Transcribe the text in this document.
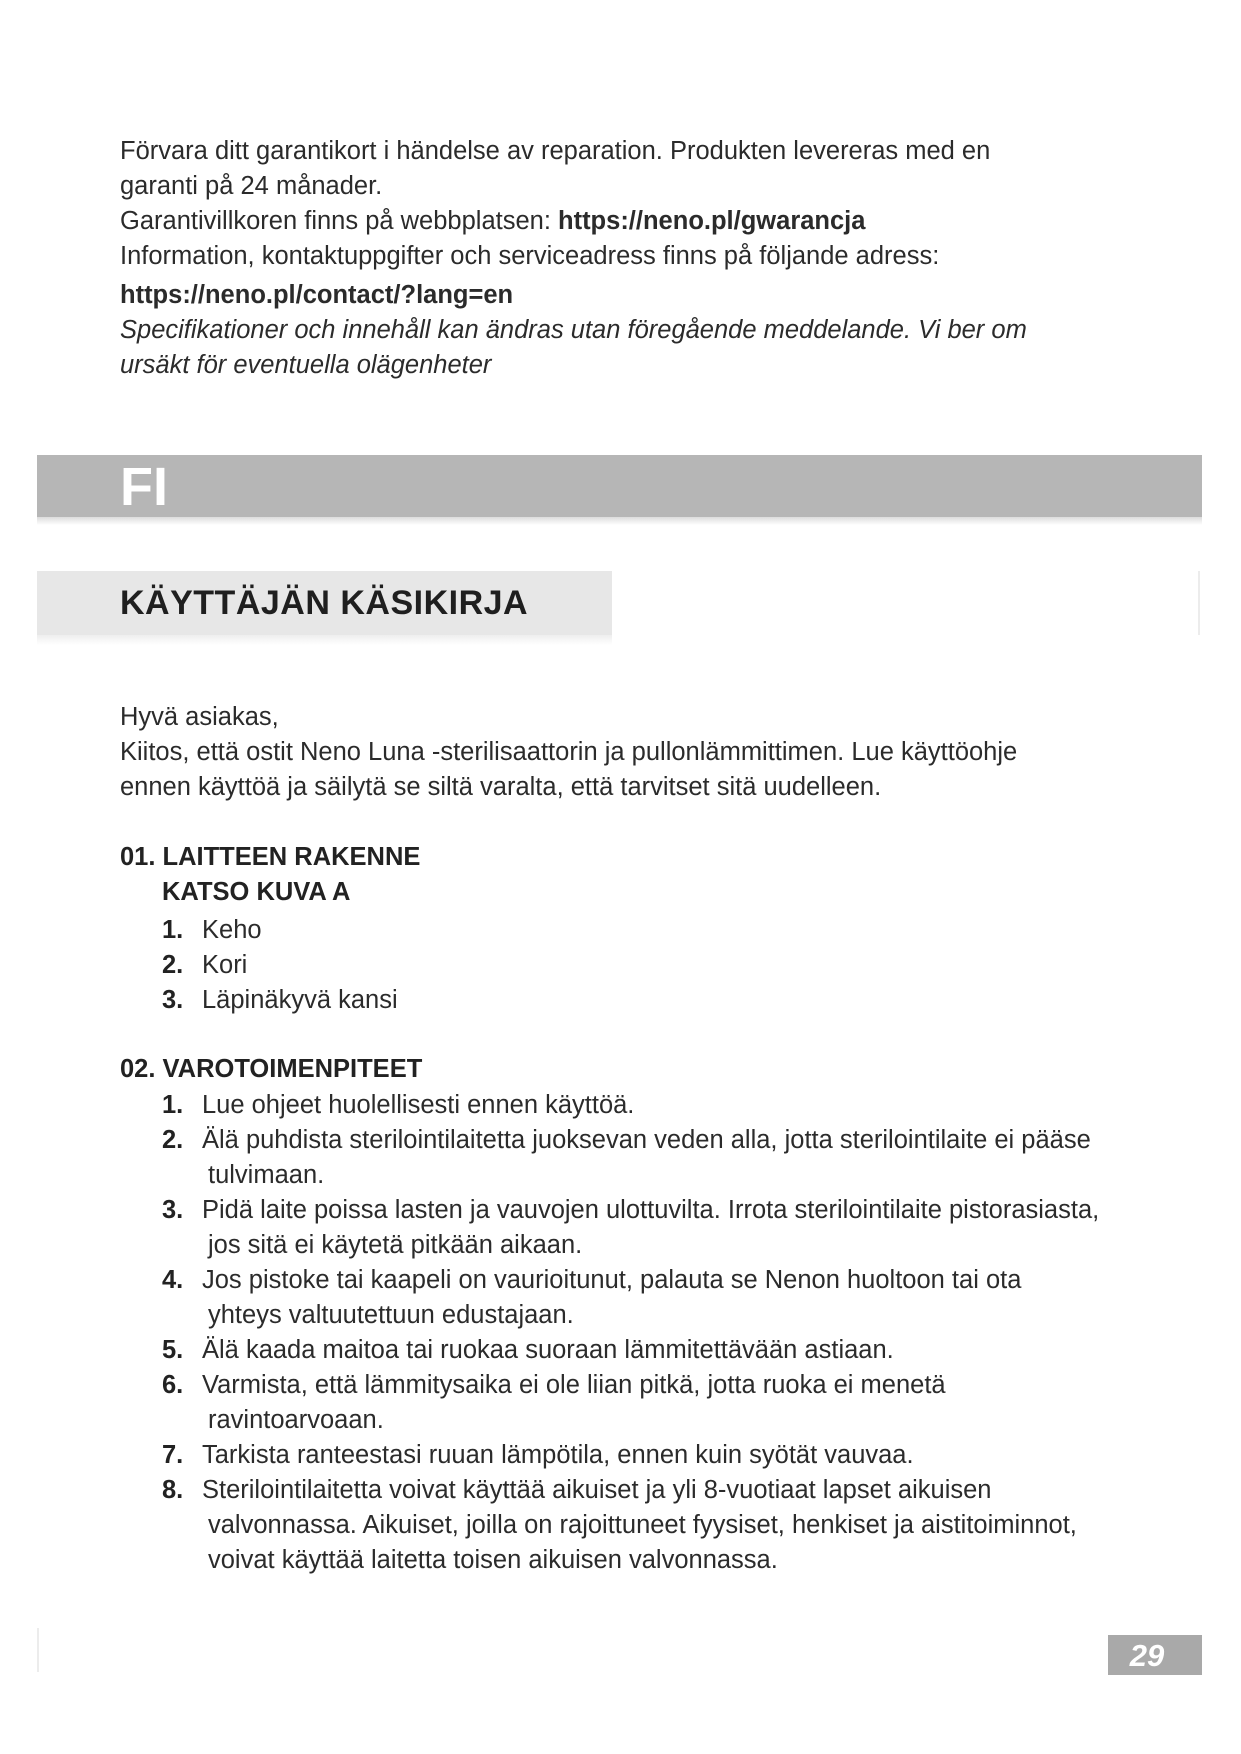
Förvara ditt garantikort i händelse av reparation. Produkten levereras med en

garanti på 24 månader.

Garantivillkoren finns på webbplatsen: https://neno.pl/gwarancja

Information, kontaktuppgifter och serviceadress finns på följande adress:

https://neno.pl/contact/?lang=en

Specifikationer och innehåll kan ändras utan föregående meddelande. Vi ber om

ursäkt för eventuella olägenheter

FI
KÄYTTÄJÄN KÄSIKIRJA

Hyvä asiakas,

Kiitos, että ostit Neno Luna -sterilisaattorin ja pullonlämmittimen. Lue käyttöohje

ennen käyttöä ja säilytä se siltä varalta, että tarvitset sitä uudelleen.

01. LAITTEEN RAKENNE
KATSO KUVA A
1. Keho
2. Kori
3. Läpinäkyvä kansi
02. VAROTOIMENPITEET
1. Lue ohjeet huolellisesti ennen käyttöä.
2. Älä puhdista sterilointilaitetta juoksevan veden alla, jotta sterilointilaite ei pääse tulvimaan.
3. Pidä laite poissa lasten ja vauvojen ulottuvilta. Irrota sterilointilaite pistorasiasta, jos sitä ei käytetä pitkään aikaan.
4. Jos pistoke tai kaapeli on vaurioitunut, palauta se Nenon huoltoon tai ota yhteys valtuutettuun edustajaan.
5. Älä kaada maitoa tai ruokaa suoraan lämmitettävään astiaan.
6. Varmista, että lämmitysaika ei ole liian pitkä, jotta ruoka ei menetä ravintoarvoaan.
7. Tarkista ranteestasi ruuan lämpötila, ennen kuin syötät vauvaa.
8. Sterilointilaitetta voivat käyttää aikuiset ja yli 8-vuotiaat lapset aikuisen valvonnassa. Aikuiset, joilla on rajoittuneet fyysiset, henkiset ja aistitoiminnot, voivat käyttää laitetta toisen aikuisen valvonnassa.
29
